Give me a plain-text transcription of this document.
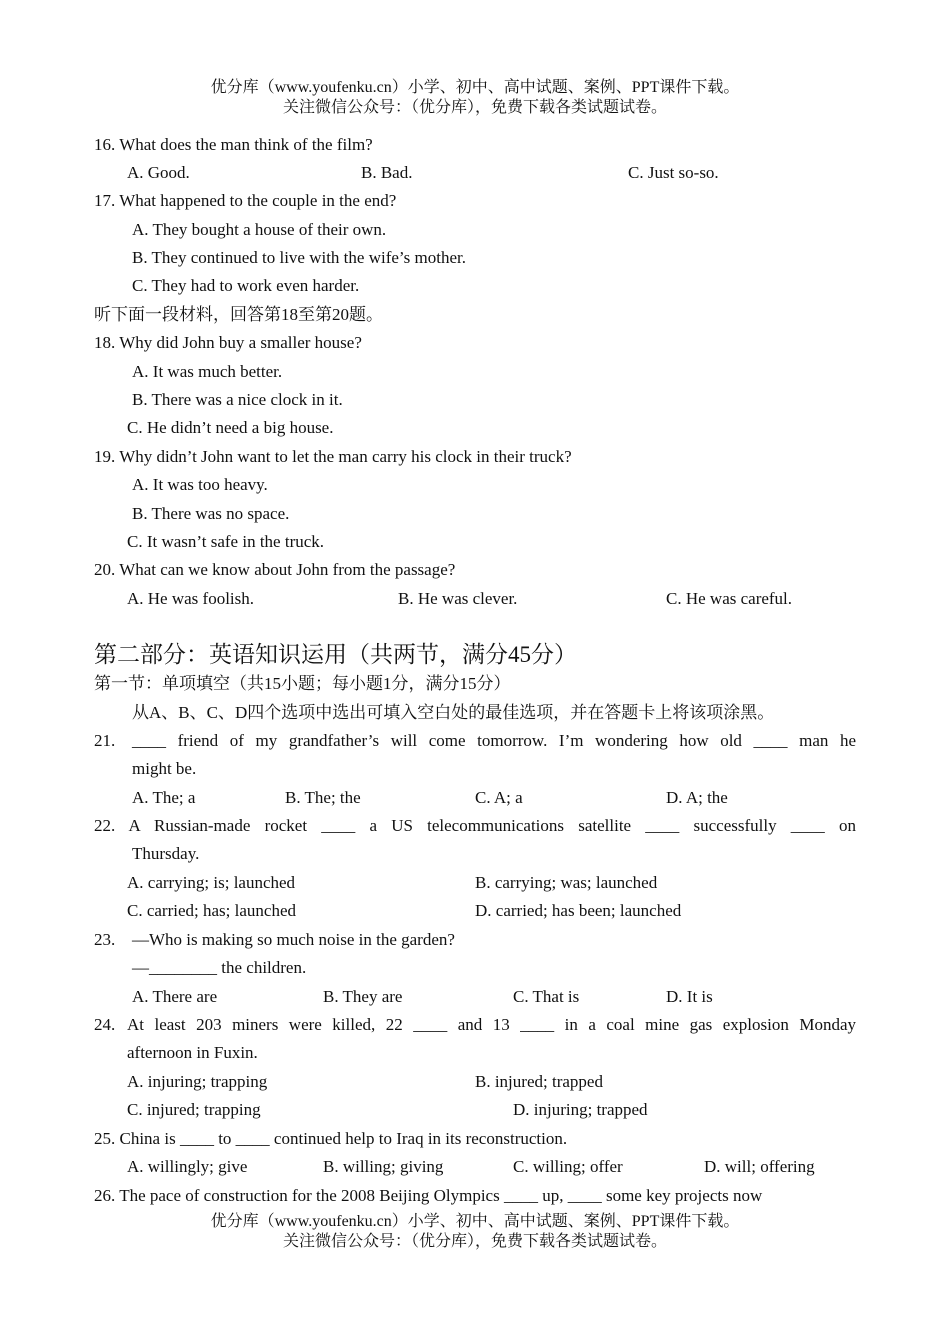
优分库（www.youfenku.cn）小学、初中、高中试题、案例、PPT课件下载。
关注微信公众号：（优分库），免费下载各类试题试卷。
16. What does the man think of the film?
A. Good.	B. Bad.	C. Just so-so.
17. What happened to the couple in the end?
A. They bought a house of their own.
B. They continued to live with the wife’s mother.
C. They had to work even harder.
听下面一段材料，回答第18至第20题。
18. Why did John buy a smaller house?
A. It was much better.
B. There was a nice clock in it.
C. He didn’t need a big house.
19. Why didn’t John want to let the man carry his clock in their truck?
A. It was too heavy.
B. There was no space.
C. It wasn’t safe in the truck.
20. What can we know about John from the passage?
A. He was foolish.	B. He was clever.	C. He was careful.
第二部分：英语知识运用（共两节，满分45分）
第一节：单项填空（共15小题；每小题1分，满分15分）
从A、B、C、D四个选项中选出可填入空白处的最佳选项，并在答题卡上将该项涂黑。
21. ____ friend of my grandfather’s will come tomorrow. I’m wondering how old ____ man he
might be.
A. The; a	B. The; the	C. A; a	D. A; the
22. A Russian-made rocket ____ a US telecommunications satellite ____ successfully ____ on
Thursday.
A. carrying; is; launched	B. carrying; was; launched
C. carried; has; launched	D. carried; has been; launched
23. —Who is making so much noise in the garden?
—________ the children.
A. There are	B. They are	C. That is	D. It is
24. At least 203 miners were killed, 22 ____ and 13 ____ in a coal mine gas explosion Monday
afternoon in Fuxin.
A. injuring; trapping	B. injured; trapped
C. injured; trapping	D. injuring; trapped
25. China is ____ to ____ continued help to Iraq in its reconstruction.
A. willingly; give	B. willing; giving	C. willing; offer	D. will; offering
26. The pace of construction for the 2008 Beijing Olympics ____ up, ____ some key projects now
优分库（www.youfenku.cn）小学、初中、高中试题、案例、PPT课件下载。
关注微信公众号：（优分库），免费下载各类试题试卷。
